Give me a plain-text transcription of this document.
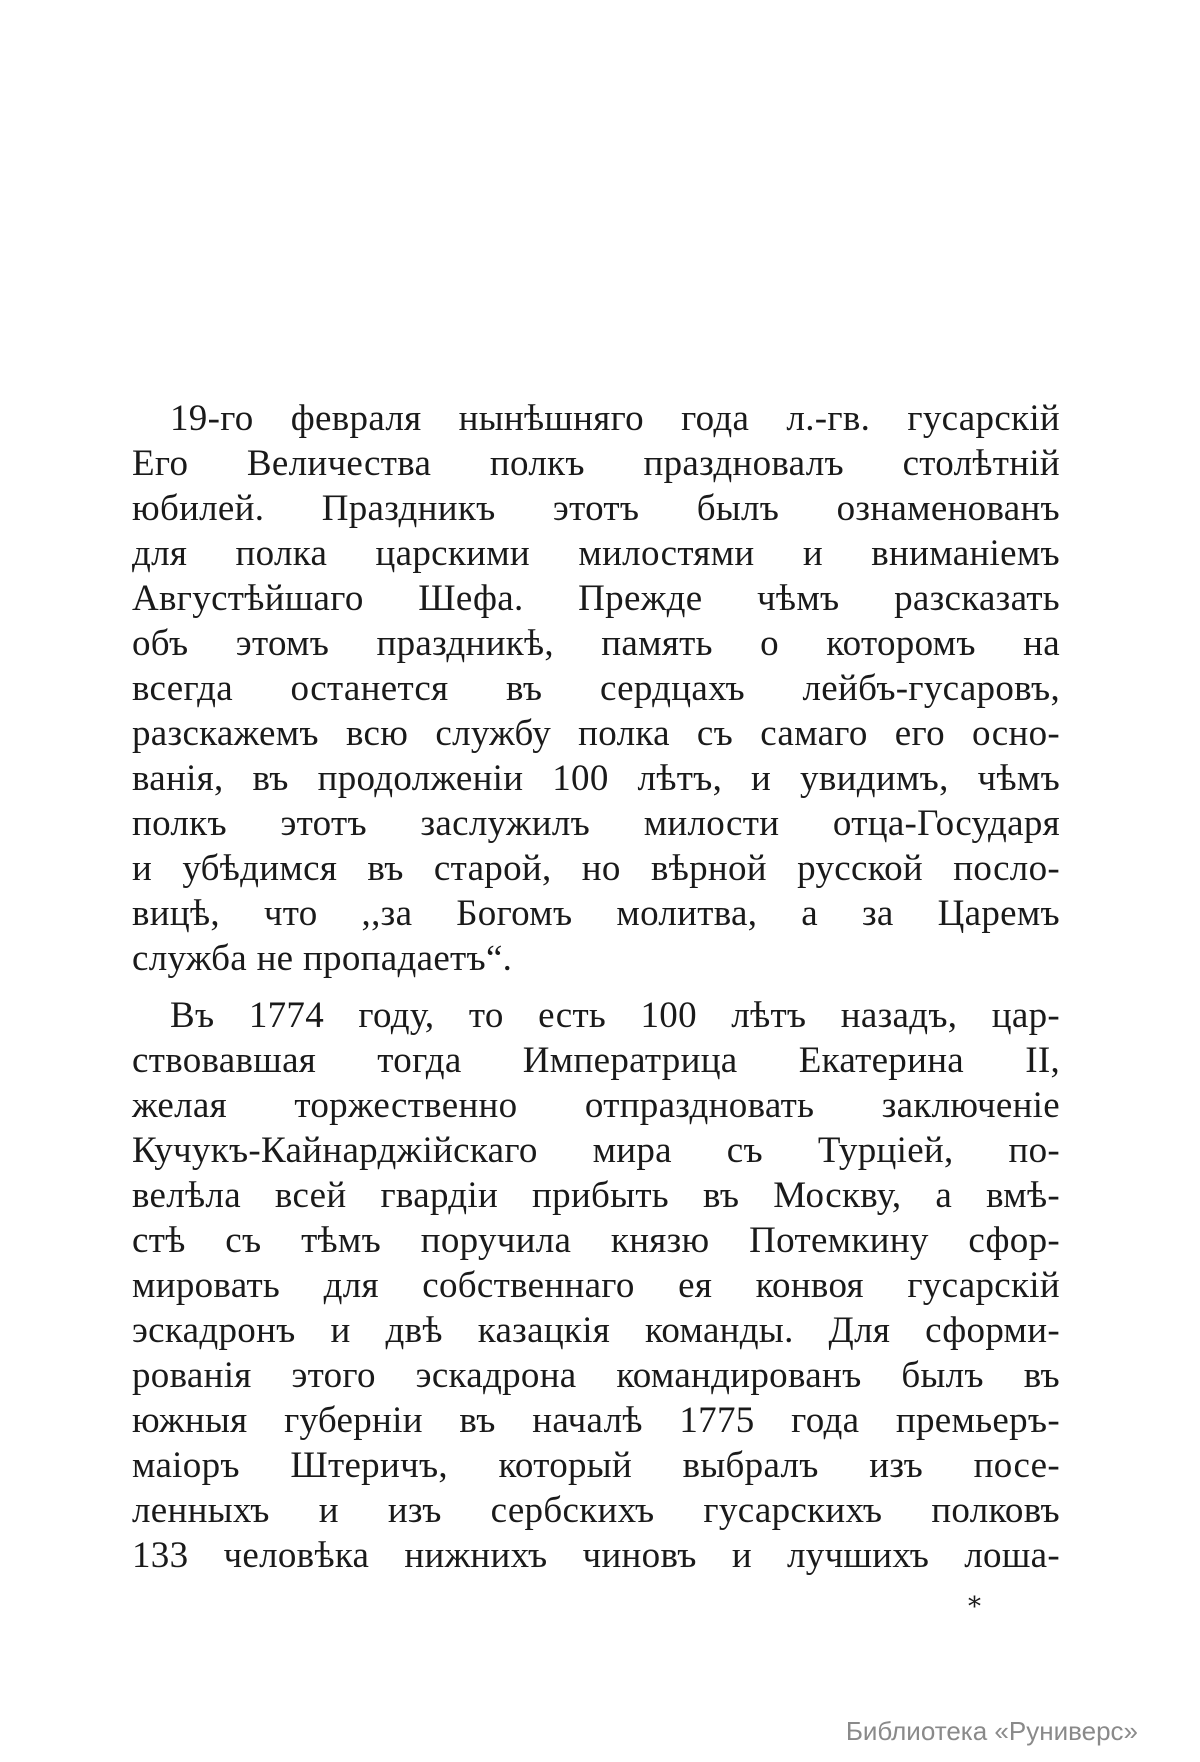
19-го февраля нынѣшняго года л.-гв. гусарскій
Его Величества полкъ праздновалъ столѣтній
юбилей. Праздникъ этотъ былъ ознаменованъ
для полка царскими милостями и вниманіемъ
Августѣйшаго Шефа. Прежде чѣмъ разсказать
объ этомъ праздникѣ, память о которомъ на
всегда останется въ сердцахъ лейбъ-гусаровъ,
разскажемъ всю службу полка съ самаго его осно-
ванія, въ продолженіи 100 лѣтъ, и увидимъ, чѣмъ
полкъ этотъ заслужилъ милости отца-Государя
и убѣдимся въ старой, но вѣрной русской посло-
вицѣ, что ,,за Богомъ молитва, а за Царемъ
служба не пропадаетъ“.
Въ 1774 году, то есть 100 лѣтъ назадъ, цар-
ствовавшая тогда Императрица Екатерина II,
желая торжественно отпраздновать заключеніе
Кучукъ-Кайнарджійскаго мира съ Турціей, по-
велѣла всей гвардіи прибыть въ Москву, а вмѣ-
стѣ съ тѣмъ поручила князю Потемкину сфор-
мировать для собственнаго ея конвоя гусарскій
эскадронъ и двѣ казацкія команды. Для сформи-
рованія этого эскадрона командированъ былъ въ
южныя губерніи въ началѣ 1775 года премьеръ-
маіоръ Штеричъ, который выбралъ изъ посе-
ленныхъ и изъ сербскихъ гусарскихъ полковъ
133 человѣка нижнихъ чиновъ и лучшихъ лоша-
*
Библиотека «Руниверс»
